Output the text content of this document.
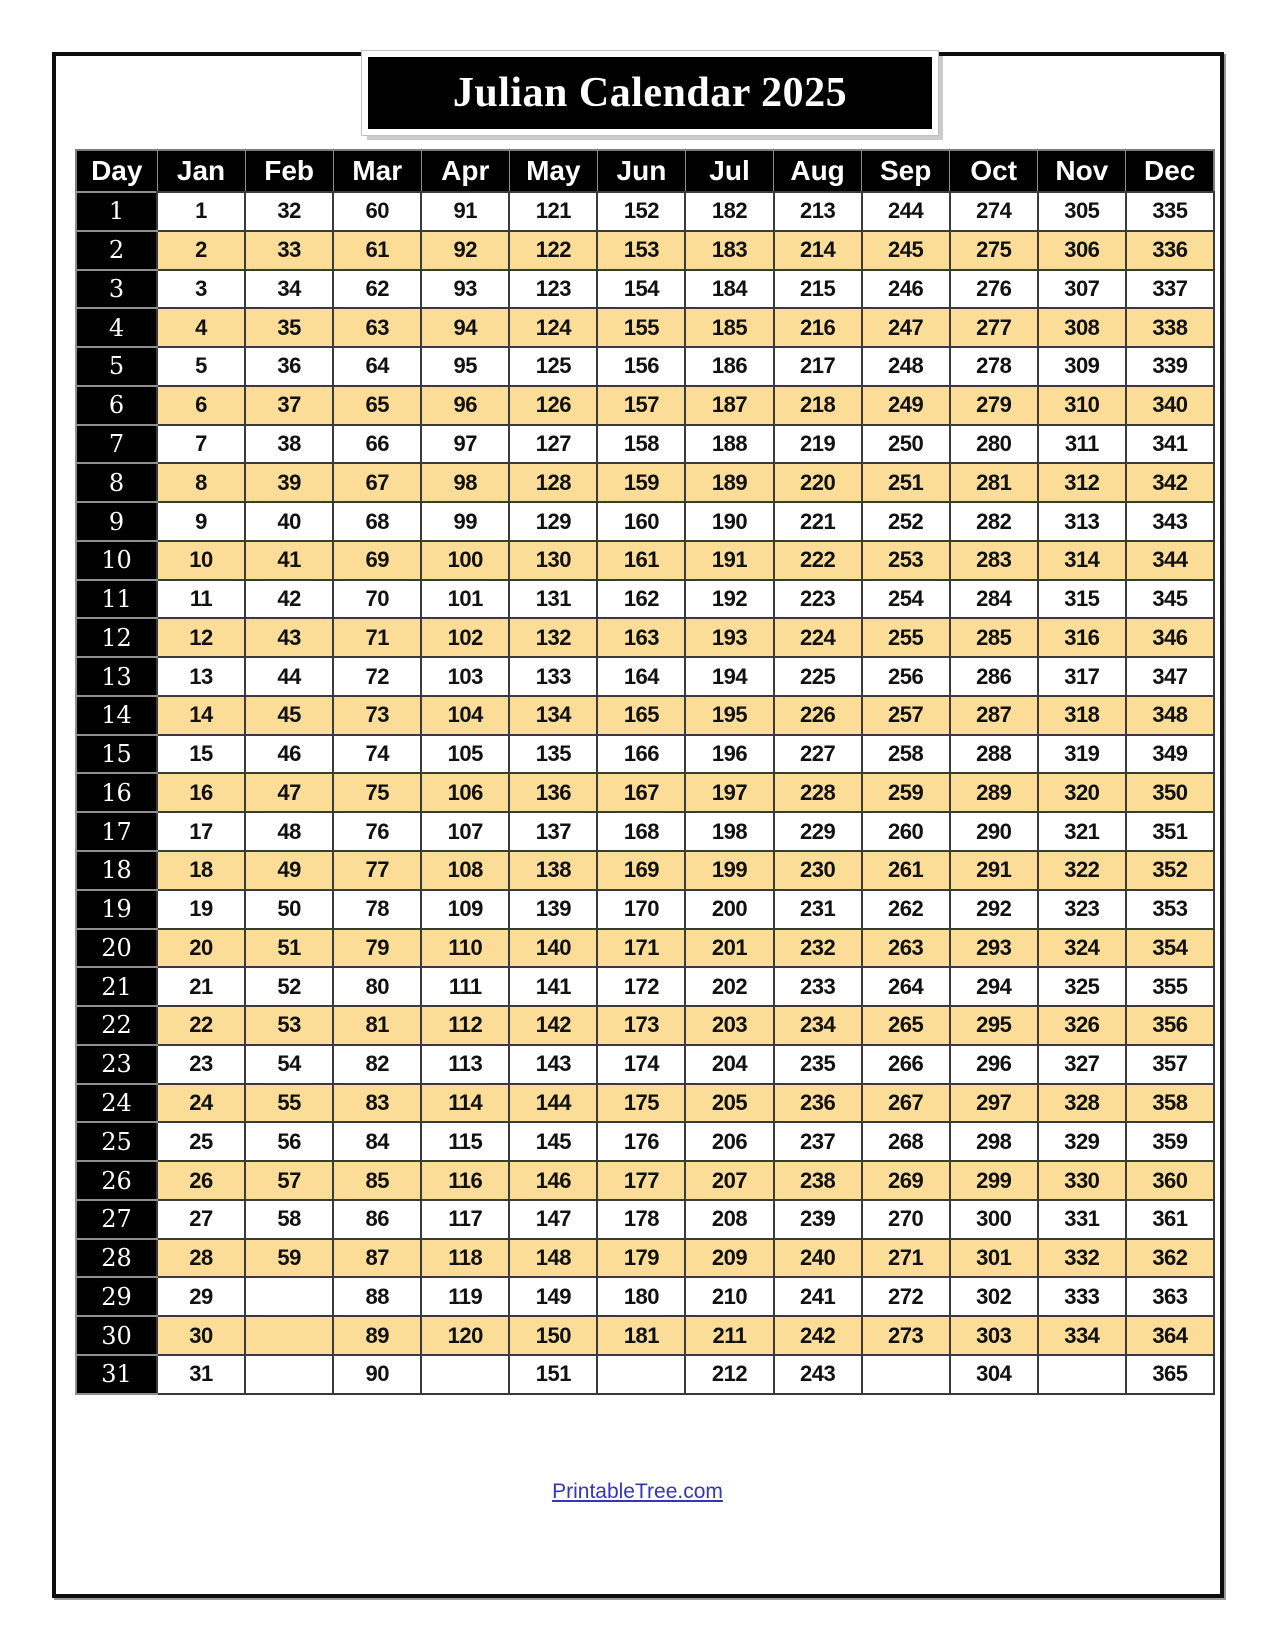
Julian Calendar 2025
Day	Jan	Feb	Mar	Apr	May	Jun	Jul	Aug	Sep	Oct	Nov	Dec
1	1	32	60	91	121	152	182	213	244	274	305	335
2	2	33	61	92	122	153	183	214	245	275	306	336
3	3	34	62	93	123	154	184	215	246	276	307	337
4	4	35	63	94	124	155	185	216	247	277	308	338
5	5	36	64	95	125	156	186	217	248	278	309	339
6	6	37	65	96	126	157	187	218	249	279	310	340
7	7	38	66	97	127	158	188	219	250	280	311	341
8	8	39	67	98	128	159	189	220	251	281	312	342
9	9	40	68	99	129	160	190	221	252	282	313	343
10	10	41	69	100	130	161	191	222	253	283	314	344
11	11	42	70	101	131	162	192	223	254	284	315	345
12	12	43	71	102	132	163	193	224	255	285	316	346
13	13	44	72	103	133	164	194	225	256	286	317	347
14	14	45	73	104	134	165	195	226	257	287	318	348
15	15	46	74	105	135	166	196	227	258	288	319	349
16	16	47	75	106	136	167	197	228	259	289	320	350
17	17	48	76	107	137	168	198	229	260	290	321	351
18	18	49	77	108	138	169	199	230	261	291	322	352
19	19	50	78	109	139	170	200	231	262	292	323	353
20	20	51	79	110	140	171	201	232	263	293	324	354
21	21	52	80	111	141	172	202	233	264	294	325	355
22	22	53	81	112	142	173	203	234	265	295	326	356
23	23	54	82	113	143	174	204	235	266	296	327	357
24	24	55	83	114	144	175	205	236	267	297	328	358
25	25	56	84	115	145	176	206	237	268	298	329	359
26	26	57	85	116	146	177	207	238	269	299	330	360
27	27	58	86	117	147	178	208	239	270	300	331	361
28	28	59	87	118	148	179	209	240	271	301	332	362
29	29		88	119	149	180	210	241	272	302	333	363
30	30		89	120	150	181	211	242	273	303	334	364
31	31		90		151		212	243		304		365
PrintableTree.com
